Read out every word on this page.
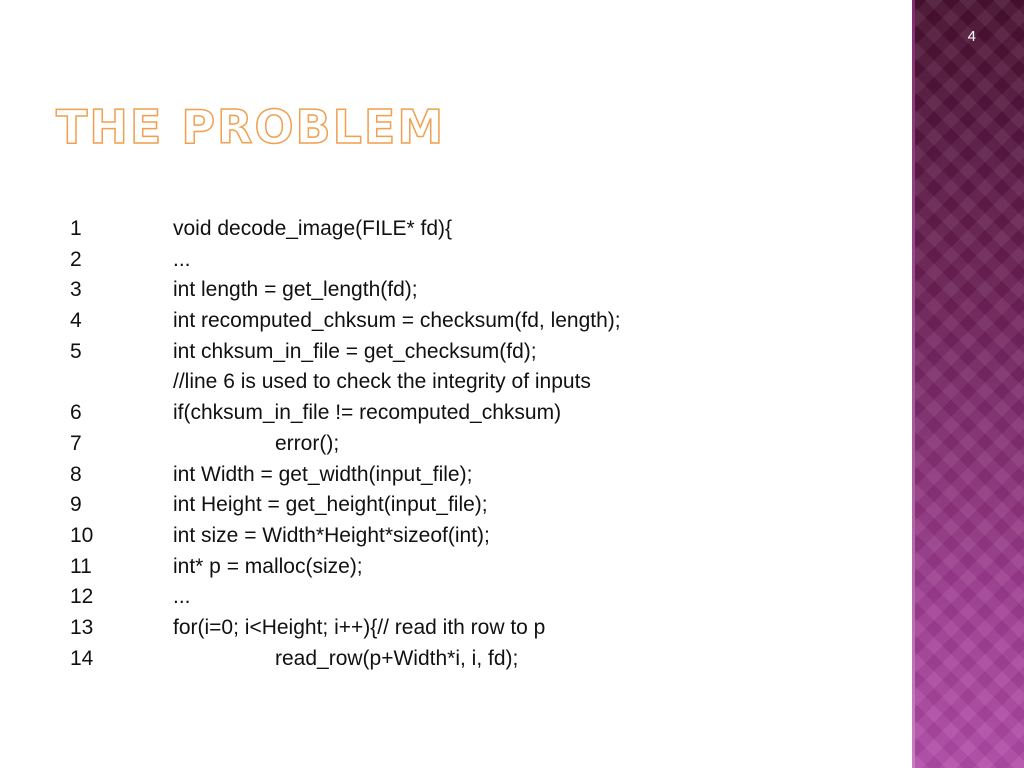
4
THE PROBLEM
1	void decode_image(FILE* fd){
2	...
3	int length = get_length(fd);
4	int recomputed_chksum = checksum(fd, length);
5	int chksum_in_file = get_checksum(fd);
//line 6 is used to check the integrity of inputs
6	if(chksum_in_file != recomputed_chksum)
7	error();
8	int Width = get_width(input_file);
9	int Height = get_height(input_file);
10	int size = Width*Height*sizeof(int);
11	int* p = malloc(size);
12	...
13	for(i=0; i<Height; i++){// read ith row to p
14	read_row(p+Width*i, i, fd);
